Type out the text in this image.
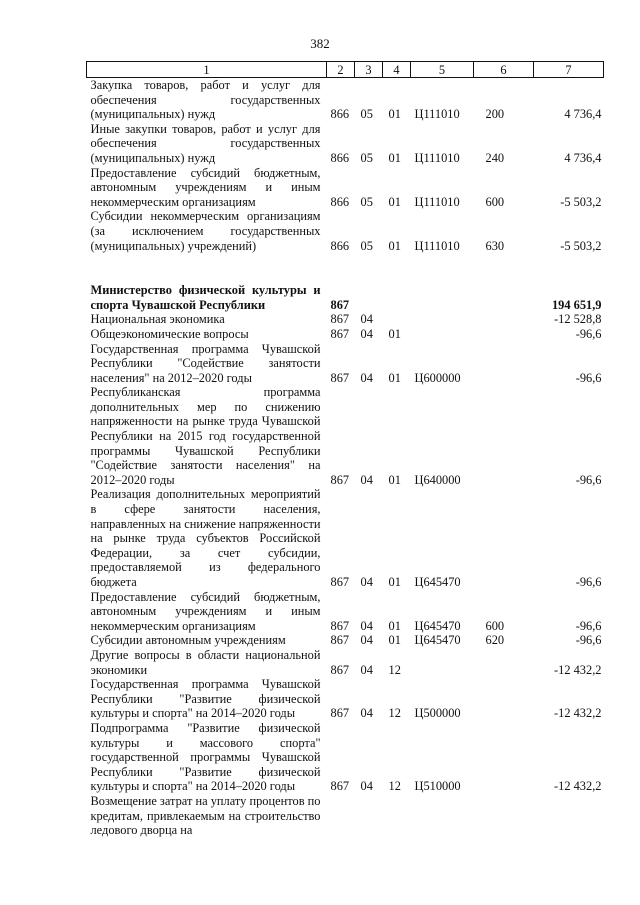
382
1	2	3	4	5	6	7
Закупка товаров, работ и услуг для обеспечения государственных (муниципальных) нужд	866	05	01	Ц111010	200	4 736,4
Иные закупки товаров, работ и услуг для обеспечения государственных (муниципальных) нужд	866	05	01	Ц111010	240	4 736,4
Предоставление субсидий бюджетным, автономным учреждениям и иным некоммерческим организациям	866	05	01	Ц111010	600	-5 503,2
Субсидии некоммерческим организациям (за исключением государственных (муниципальных) учреждений)	866	05	01	Ц111010	630	-5 503,2

Министерство физической культуры и спорта Чувашской Республики	867					194 651,9
Национальная экономика	867	04				-12 528,8
Общеэкономические вопросы	867	04	01			-96,6
Государственная программа Чувашской Республики "Содействие занятости населения" на 2012–2020 годы	867	04	01	Ц600000		-96,6
Республиканская программа дополнительных мер по снижению напряженности на рынке труда Чувашской Республики на 2015 год государственной программы Чувашской Республики "Содействие занятости населения" на 2012–2020 годы	867	04	01	Ц640000		-96,6
Реализация дополнительных мероприятий в сфере занятости населения, направленных на снижение напряженности на рынке труда субъектов Российской Федерации, за счет субсидии, предоставляемой из федерального бюджета	867	04	01	Ц645470		-96,6
Предоставление субсидий бюджетным, автономным учреждениям и иным некоммерческим организациям	867	04	01	Ц645470	600	-96,6
Субсидии автономным учреждениям	867	04	01	Ц645470	620	-96,6
Другие вопросы в области национальной экономики	867	04	12			-12 432,2
Государственная программа Чувашской Республики "Развитие физической культуры и спорта" на 2014–2020 годы	867	04	12	Ц500000		-12 432,2
Подпрограмма "Развитие физической культуры и массового спорта" государственной программы Чувашской Республики "Развитие физической культуры и спорта" на 2014–2020 годы	867	04	12	Ц510000		-12 432,2
Возмещение затрат на уплату процентов по кредитам, привлекаемым на строительство ледового дворца на						
